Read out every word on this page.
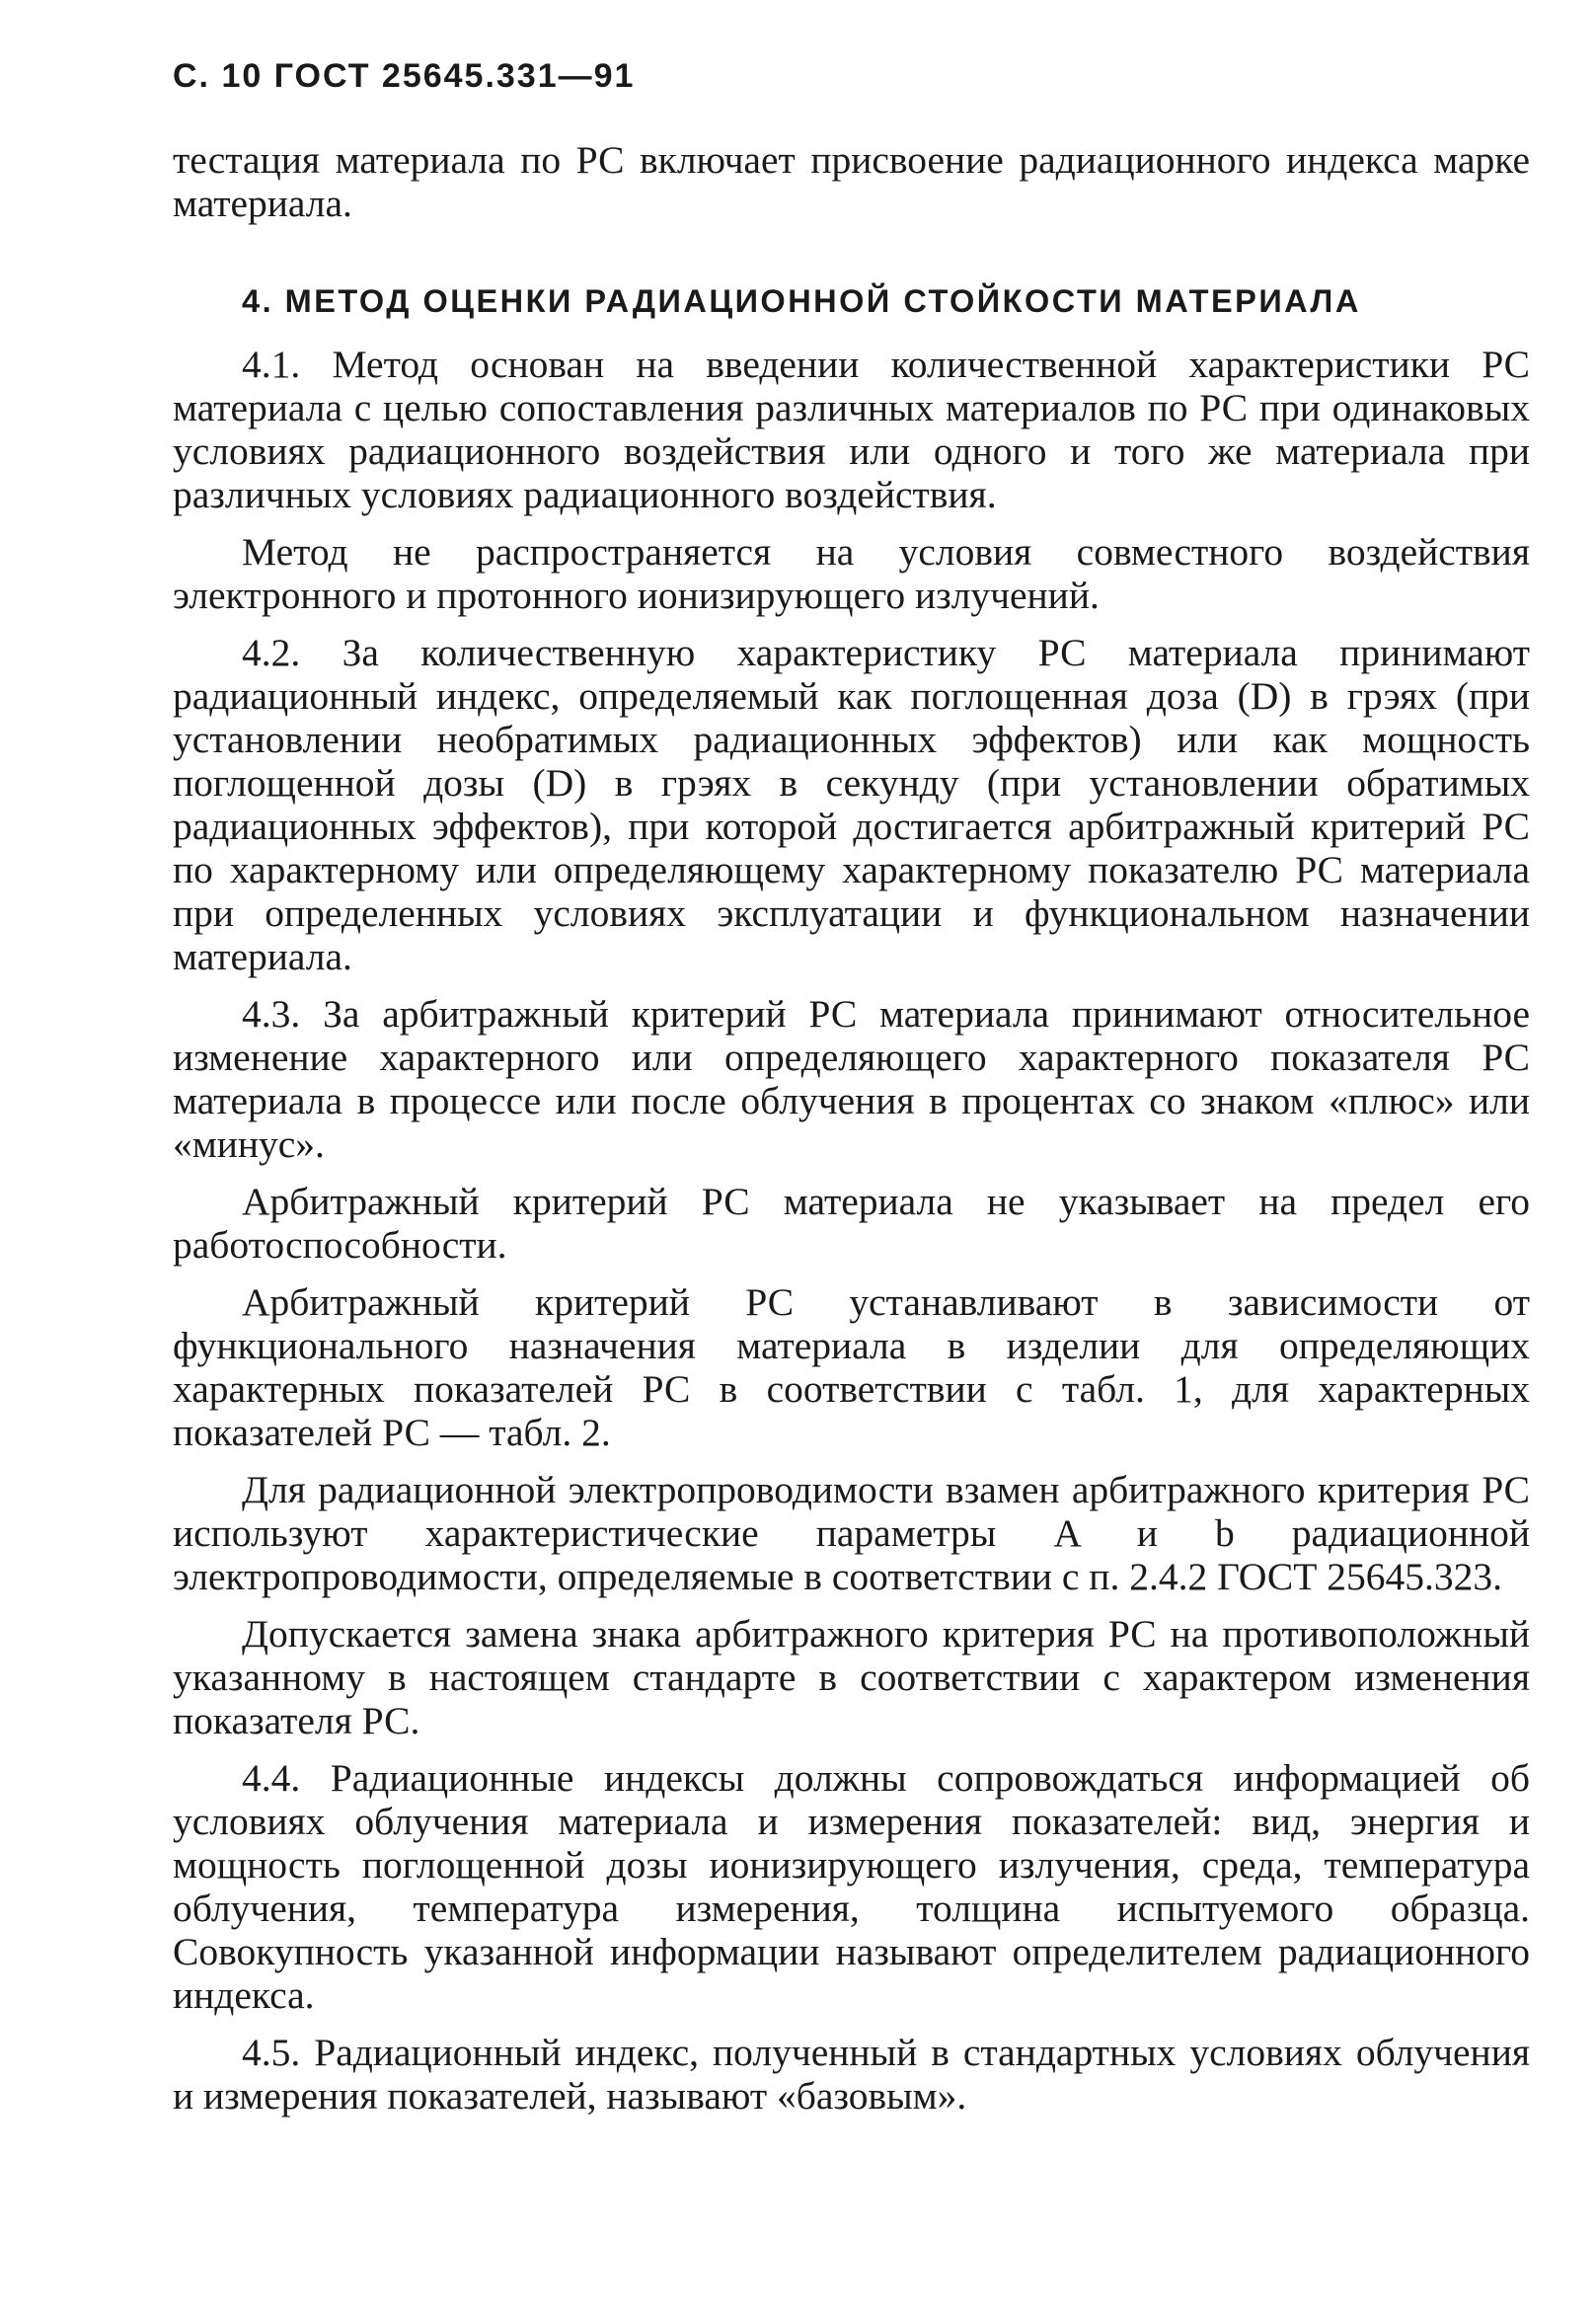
С. 10 ГОСТ 25645.331—91

тестация материала по РС включает присвоение радиационного индекса марке материала.

4. МЕТОД ОЦЕНКИ РАДИАЦИОННОЙ СТОЙКОСТИ МАТЕРИАЛА

4.1. Метод основан на введении количественной характеристики РС материала с целью сопоставления различных материалов по РС при одинаковых условиях радиационного воздействия или одного и того же материала при различных условиях радиационного воздействия.

Метод не распространяется на условия совместного воздействия электронного и протонного ионизирующего излучений.

4.2. За количественную характеристику РС материала принимают радиационный индекс, определяемый как поглощенная доза (D) в грэях (при установлении необратимых радиационных эффектов) или как мощность поглощенной дозы (D) в грэях в секунду (при установлении обратимых радиационных эффектов), при которой достигается арбитражный критерий РС по характерному или определяющему характерному показателю РС материала при определенных условиях эксплуатации и функциональном назначении материала.

4.3. За арбитражный критерий РС материала принимают относительное изменение характерного или определяющего характерного показателя РС материала в процессе или после облучения в процентах со знаком «плюс» или «минус».

Арбитражный критерий РС материала не указывает на предел его работоспособности.

Арбитражный критерий РС устанавливают в зависимости от функционального назначения материала в изделии для определяющих характерных показателей РС в соответствии с табл. 1, для характерных показателей РС — табл. 2.

Для радиационной электропроводимости взамен арбитражного критерия РС используют характеристические параметры A и b радиационной электропроводимости, определяемые в соответствии с п. 2.4.2 ГОСТ 25645.323.

Допускается замена знака арбитражного критерия РС на противоположный указанному в настоящем стандарте в соответствии с характером изменения показателя РС.

4.4. Радиационные индексы должны сопровождаться информацией об условиях облучения материала и измерения показателей: вид, энергия и мощность поглощенной дозы ионизирующего излучения, среда, температура облучения, температура измерения, толщина испытуемого образца. Совокупность указанной информации называют определителем радиационного индекса.

4.5. Радиационный индекс, полученный в стандартных условиях облучения и измерения показателей, называют «базовым».
